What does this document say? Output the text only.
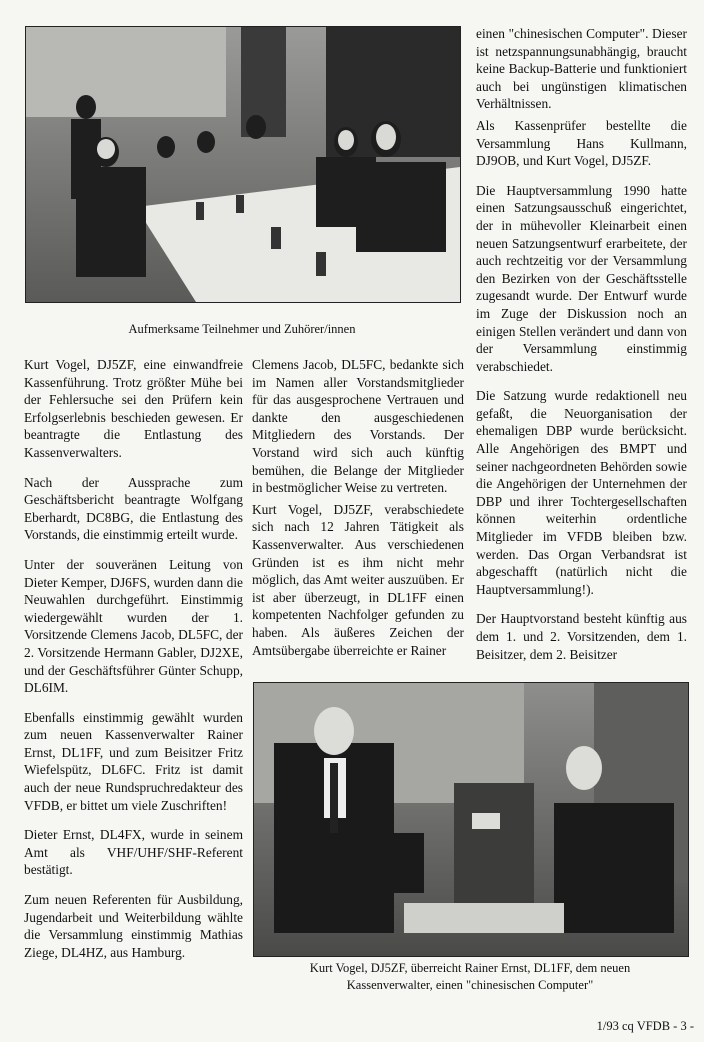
Aufmerksame Teilnehmer und Zuhörer/innen

Kurt Vogel, DJ5ZF, eine einwandfreie Kassenführung. Trotz größter Mühe bei der Fehlersuche sei den Prüfern kein Erfolgserlebnis beschieden gewesen. Er beantragte die Entlastung des Kassenverwalters.

Nach der Aussprache zum Geschäftsbericht beantragte Wolfgang Eberhardt, DC8BG, die Entlastung des Vorstands, die einstimmig erteilt wurde.

Unter der souveränen Leitung von Dieter Kemper, DJ6FS, wurden dann die Neuwahlen durchgeführt. Einstimmig wiedergewählt wurden der 1. Vorsitzende Clemens Jacob, DL5FC, der 2. Vorsitzende Hermann Gabler, DJ2XE, und der Geschäftsführer Günter Schupp, DL6IM.

Ebenfalls einstimmig gewählt wurden zum neuen Kassenverwalter Rainer Ernst, DL1FF, und zum Beisitzer Fritz Wiefelspütz, DL6FC. Fritz ist damit auch der neue Rundspruchredakteur des VFDB, er bittet um viele Zuschriften!

Dieter Ernst, DL4FX, wurde in seinem Amt als VHF/UHF/SHF-Referent bestätigt.

Zum neuen Referenten für Ausbildung, Jugendarbeit und Weiterbildung wählte die Versammlung einstimmig Mathias Ziege, DL4HZ, aus Hamburg.

Clemens Jacob, DL5FC, bedankte sich im Namen aller Vorstandsmitglieder für das ausgesprochene Vertrauen und dankte den ausgeschiedenen Mitgliedern des Vorstands. Der Vorstand wird sich auch künftig bemühen, die Belange der Mitglieder in bestmöglicher Weise zu vertreten.

Kurt Vogel, DJ5ZF, verabschiedete sich nach 12 Jahren Tätigkeit als Kassenverwalter. Aus verschiedenen Gründen ist es ihm nicht mehr möglich, das Amt weiter auszuüben. Er ist aber überzeugt, in DL1FF einen kompetenten Nachfolger gefunden zu haben. Als äußeres Zeichen der Amtsübergabe überreichte er Rainer

einen "chinesischen Computer". Dieser ist netzspannungsunabhängig, braucht keine Backup-Batterie und funktioniert auch bei ungünstigen klimatischen Verhältnissen.

Als Kassenprüfer bestellte die Versammlung Hans Kullmann, DJ9OB, und Kurt Vogel, DJ5ZF.

Die Hauptversammlung 1990 hatte einen Satzungsausschuß eingerichtet, der in mühevoller Kleinarbeit einen neuen Satzungsentwurf erarbeitete, der auch rechtzeitig vor der Versammlung den Bezirken von der Geschäftsstelle zugesandt wurde. Der Entwurf wurde im Zuge der Diskussion noch an einigen Stellen verändert und dann von der Versammlung einstimmig verabschiedet.

Die Satzung wurde redaktionell neu gefaßt, die Neuorganisation der ehemaligen DBP wurde berücksicht. Alle Angehörigen des BMPT und seiner nachgeordneten Behörden sowie die Angehörigen der Unternehmen der DBP und ihrer Tochtergesellschaften können weiterhin ordentliche Mitglieder im VFDB bleiben bzw. werden. Das Organ Verbandsrat ist abgeschafft (natürlich nicht die Hauptversammlung!).

Der Hauptvorstand besteht künftig aus dem 1. und 2. Vorsitzenden, dem 1. Beisitzer, dem 2. Beisitzer

Kurt Vogel, DJ5ZF, überreicht Rainer Ernst, DL1FF, dem neuen
Kassenverwalter, einen "chinesischen Computer"
1/93 cq VFDB - 3 -
